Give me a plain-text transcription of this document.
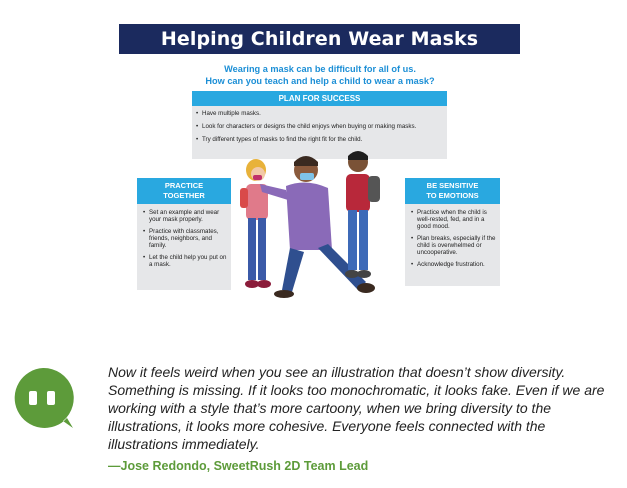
Helping Children Wear Masks
Wearing a mask can be difficult for all of us.
How can you teach and help a child to wear a mask?
PLAN FOR SUCCESS
• Have multiple masks.
• Look for characters or designs the child enjoys when buying or making masks.
• Try different types of masks to find the right fit for the child.
PRACTICE
TOGETHER
• Set an example and wear your mask properly.
• Practice with classmates, friends, neighbors, and family.
• Let the child help you put on a mask.
BE SENSITIVE
TO EMOTIONS
• Practice when the child is well-rested, fed, and in a good mood.
• Plan breaks, especially if the child is overwhelmed or uncooperative.
• Acknowledge frustration.
Now it feels weird when you see an illustration that doesn’t show diversity. Something is missing. If it looks too monochromatic, it looks fake. Even if we are working with a style that’s more cartoony, when we bring diversity to the illustrations, it looks more cohesive. Everyone feels connected with the illustrations immediately.
—Jose Redondo, SweetRush 2D Team Lead
